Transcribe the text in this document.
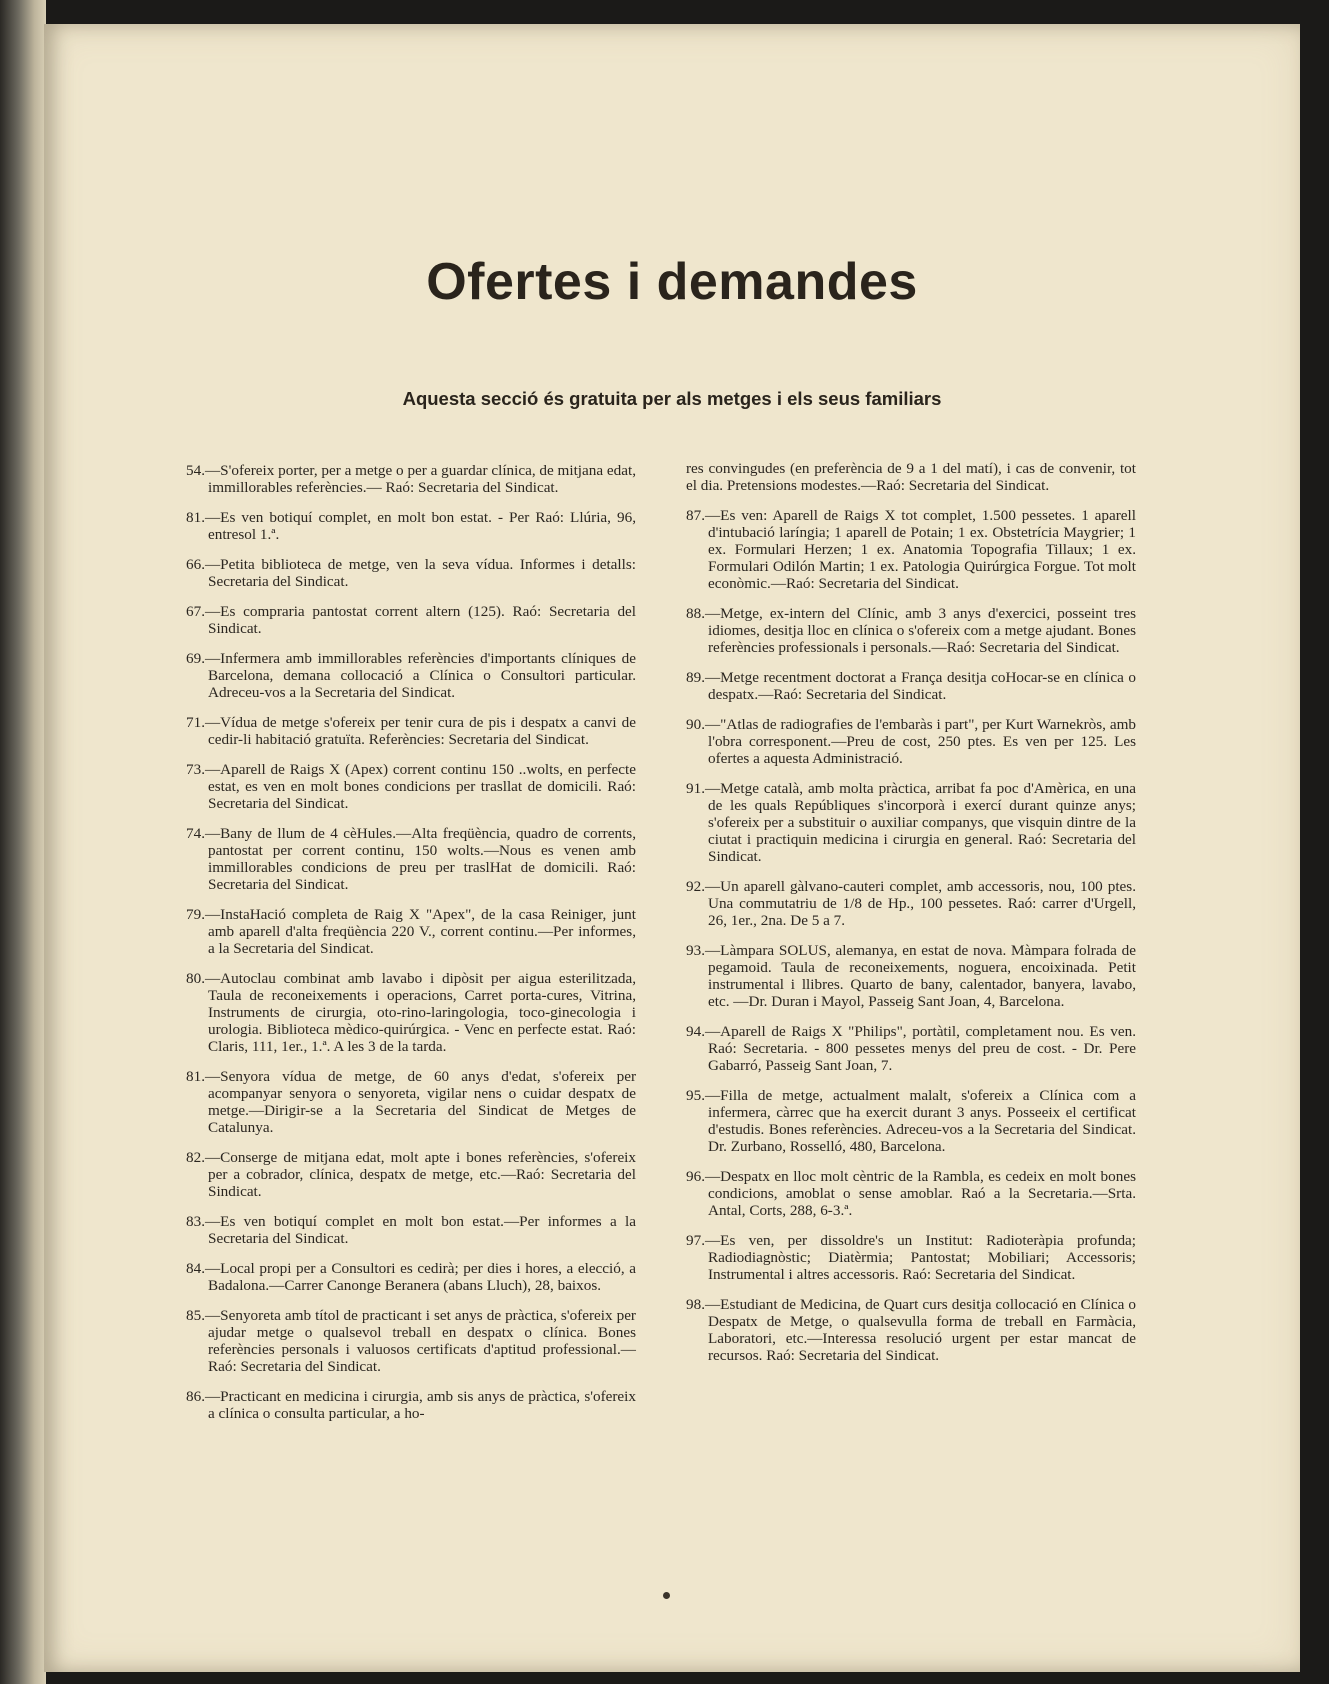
Ofertes i demandes
Aquesta secció és gratuita per als metges i els seus familiars

54.—S'ofereix porter, per a metge o per a guardar clínica, de mitjana edat, immillorables referències.— Raó: Secretaria del Sindicat.

81.—Es ven botiquí complet, en molt bon estat. - Per Raó: Llúria, 96, entresol 1.ª.

66.—Petita biblioteca de metge, ven la seva vídua. Informes i detalls: Secretaria del Sindicat.

67.—Es compraria pantostat corrent altern (125). Raó: Secretaria del Sindicat.

69.—Infermera amb immillorables referències d'importants clíniques de Barcelona, demana collocació a Clínica o Consultori particular. Adreceu-vos a la Secretaria del Sindicat.

71.—Vídua de metge s'ofereix per tenir cura de pis i despatx a canvi de cedir-li habitació gratuïta. Referències: Secretaria del Sindicat.

73.—Aparell de Raigs X (Apex) corrent continu 150 ..wolts, en perfecte estat, es ven en molt bones condicions per trasllat de domicili. Raó: Secretaria del Sindicat.

74.—Bany de llum de 4 cèHules.—Alta freqüència, quadro de corrents, pantostat per corrent continu, 150 wolts.—Nous es venen amb immillorables condicions de preu per traslHat de domicili. Raó: Secretaria del Sindicat.

79.—InstaHació completa de Raig X "Apex", de la casa Reiniger, junt amb aparell d'alta freqüència 220 V., corrent continu.—Per informes, a la Secretaria del Sindicat.

80.—Autoclau combinat amb lavabo i dipòsit per aigua esterilitzada, Taula de reconeixements i operacions, Carret porta-cures, Vitrina, Instruments de cirurgia, oto-rino-laringologia, toco-ginecologia i urologia. Biblioteca mèdico-quirúrgica. - Venc en perfecte estat. Raó: Claris, 111, 1er., 1.ª. A les 3 de la tarda.

81.—Senyora vídua de metge, de 60 anys d'edat, s'ofereix per acompanyar senyora o senyoreta, vigilar nens o cuidar despatx de metge.—Dirigir-se a la Secretaria del Sindicat de Metges de Catalunya.

82.—Conserge de mitjana edat, molt apte i bones referències, s'ofereix per a cobrador, clínica, despatx de metge, etc.—Raó: Secretaria del Sindicat.

83.—Es ven botiquí complet en molt bon estat.—Per informes a la Secretaria del Sindicat.

84.—Local propi per a Consultori es cedirà; per dies i hores, a elecció, a Badalona.—Carrer Canonge Beranera (abans Lluch), 28, baixos.

85.—Senyoreta amb títol de practicant i set anys de pràctica, s'ofereix per ajudar metge o qualsevol treball en despatx o clínica. Bones referències personals i valuosos certificats d'aptitud professional.—Raó: Secretaria del Sindicat.

86.—Practicant en medicina i cirurgia, amb sis anys de pràctica, s'ofereix a clínica o consulta particular, a ho-

res convingudes (en preferència de 9 a 1 del matí), i cas de convenir, tot el dia. Pretensions modestes.—Raó: Secretaria del Sindicat.

87.—Es ven: Aparell de Raigs X tot complet, 1.500 pessetes. 1 aparell d'intubació laríngia; 1 aparell de Potain; 1 ex. Obstetrícia Maygrier; 1 ex. Formulari Herzen; 1 ex. Anatomia Topografia Tillaux; 1 ex. Formulari Odilón Martin; 1 ex. Patologia Quirúrgica Forgue. Tot molt econòmic.—Raó: Secretaria del Sindicat.

88.—Metge, ex-intern del Clínic, amb 3 anys d'exercici, posseint tres idiomes, desitja lloc en clínica o s'ofereix com a metge ajudant. Bones referències professionals i personals.—Raó: Secretaria del Sindicat.

89.—Metge recentment doctorat a França desitja coHocar-se en clínica o despatx.—Raó: Secretaria del Sindicat.

90.—"Atlas de radiografies de l'embaràs i part", per Kurt Warnekròs, amb l'obra corresponent.—Preu de cost, 250 ptes. Es ven per 125. Les ofertes a aquesta Administració.

91.—Metge català, amb molta pràctica, arribat fa poc d'Amèrica, en una de les quals Repúbliques s'incorporà i exercí durant quinze anys; s'ofereix per a substituir o auxiliar companys, que visquin dintre de la ciutat i practiquin medicina i cirurgia en general. Raó: Secretaria del Sindicat.

92.—Un aparell gàlvano-cauteri complet, amb accessoris, nou, 100 ptes. Una commutatriu de 1/8 de Hp., 100 pessetes. Raó: carrer d'Urgell, 26, 1er., 2na. De 5 a 7.

93.—Làmpara SOLUS, alemanya, en estat de nova. Màmpara folrada de pegamoid. Taula de reconeixements, noguera, encoixinada. Petit instrumental i llibres. Quarto de bany, calentador, banyera, lavabo, etc. —Dr. Duran i Mayol, Passeig Sant Joan, 4, Barcelona.

94.—Aparell de Raigs X "Philips", portàtil, completament nou. Es ven. Raó: Secretaria. - 800 pessetes menys del preu de cost. - Dr. Pere Gabarró, Passeig Sant Joan, 7.

95.—Filla de metge, actualment malalt, s'ofereix a Clínica com a infermera, càrrec que ha exercit durant 3 anys. Posseeix el certificat d'estudis. Bones referències. Adreceu-vos a la Secretaria del Sindicat. Dr. Zurbano, Rosselló, 480, Barcelona.

96.—Despatx en lloc molt cèntric de la Rambla, es cedeix en molt bones condicions, amoblat o sense amoblar. Raó a la Secretaria.—Srta. Antal, Corts, 288, 6-3.ª.

97.—Es ven, per dissoldre's un Institut: Radioteràpia profunda; Radiodiagnòstic; Diatèrmia; Pantostat; Mobiliari; Accessoris; Instrumental i altres accessoris. Raó: Secretaria del Sindicat.

98.—Estudiant de Medicina, de Quart curs desitja collocació en Clínica o Despatx de Metge, o qualsevulla forma de treball en Farmàcia, Laboratori, etc.—Interessa resolució urgent per estar mancat de recursos. Raó: Secretaria del Sindicat.
